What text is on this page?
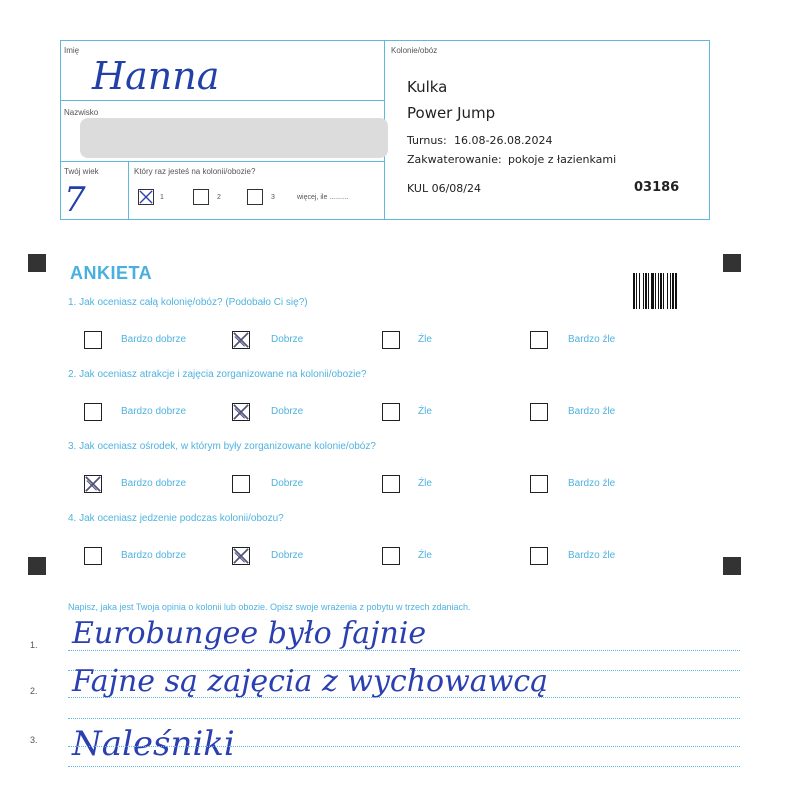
Imię
Hanna
Nazwisko
Twój wiek
7
Który raz jesteś na kolonii/obozie?
1	2	3	więcej, ile ..........
Kolonie/obóz
Kulka
Power Jump
Turnus: 16.08-26.08.2024
Zakwaterowanie: pokoje z łazienkami
KUL 06/08/24	03186
ANKIETA
1. Jak oceniasz całą kolonię/obóz? (Podobało Ci się?)
Bardzo dobrze	Dobrze	Źle	Bardzo źle
2. Jak oceniasz atrakcje i zajęcia zorganizowane na kolonii/obozie?
Bardzo dobrze	Dobrze	Źle	Bardzo źle
3. Jak oceniasz ośrodek, w którym były zorganizowane kolonie/obóz?
Bardzo dobrze	Dobrze	Źle	Bardzo źle
4. Jak oceniasz jedzenie podczas kolonii/obozu?
Bardzo dobrze	Dobrze	Źle	Bardzo źle
Napisz, jaka jest Twoja opinia o kolonii lub obozie. Opisz swoje wrażenia z pobytu w trzech zdaniach.
1. Eurobungee było fajnie
2. Fajne są zajęcia z wychowawcą
3. Naleśniki
